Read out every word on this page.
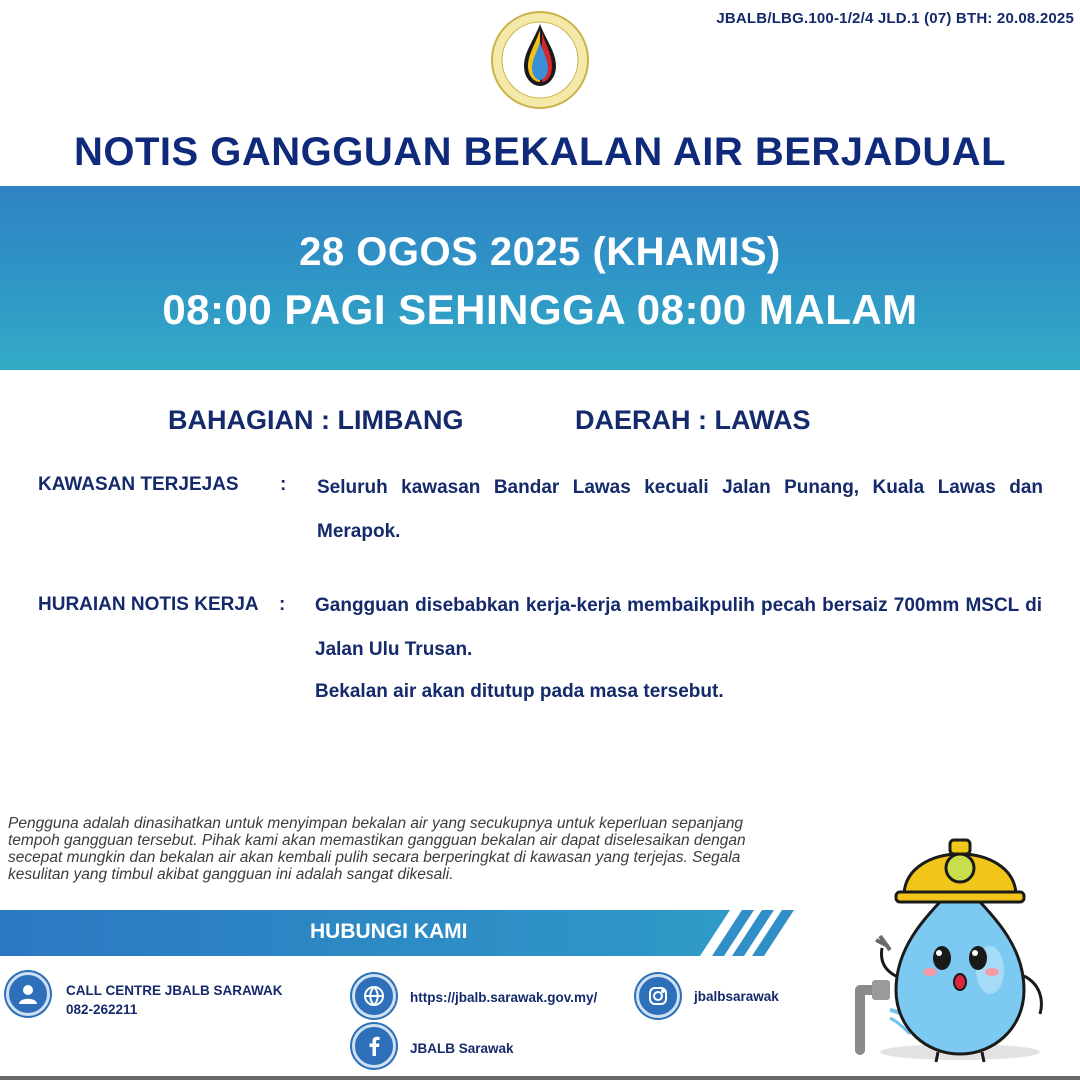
JBALB/LBG.100-1/2/4 JLD.1 (07) BTH: 20.08.2025
NOTIS GANGGUAN BEKALAN AIR BERJADUAL
28 OGOS 2025 (KHAMIS)
08:00 PAGI SEHINGGA 08:00 MALAM
BAHAGIAN : LIMBANG	DAERAH : LAWAS
KAWASAN TERJEJAS : Seluruh kawasan Bandar Lawas kecuali Jalan Punang, Kuala Lawas dan Merapok.
HURAIAN NOTIS KERJA : Gangguan disebabkan kerja-kerja membaikpulih pecah bersaiz 700mm MSCL di Jalan Ulu Trusan.
Bekalan air akan ditutup pada masa tersebut.
Pengguna adalah dinasihatkan untuk menyimpan bekalan air yang secukupnya untuk keperluan sepanjang tempoh gangguan tersebut. Pihak kami akan memastikan gangguan bekalan air dapat diselesaikan dengan secepat mungkin dan bekalan air akan kembali pulih secara berperingkat di kawasan yang terjejas. Segala kesulitan yang timbul akibat gangguan ini adalah sangat dikesali.
HUBUNGI KAMI
CALL CENTRE JBALB SARAWAK
082-262211
https://jbalb.sarawak.gov.my/	jbalbsarawak
JBALB Sarawak
